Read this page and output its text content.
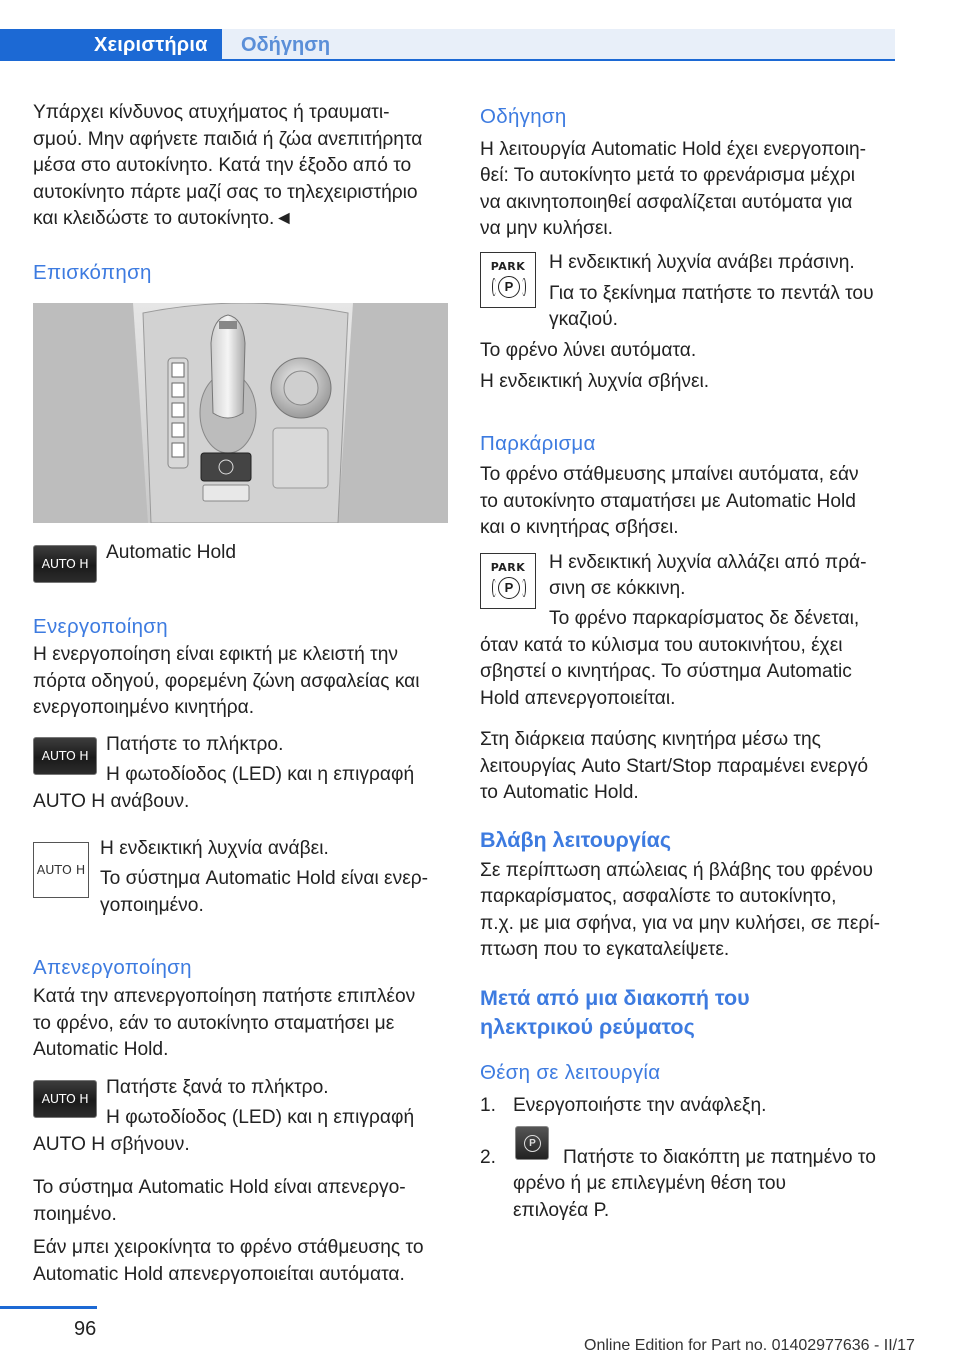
Χειριστήρια	Οδήγηση
Υπάρχει κίνδυνος ατυχήματος ή τραυματι‐
σμού. Μην αφήνετε παιδιά ή ζώα ανεπιτήρητα
μέσα στο αυτοκίνητο. Κατά την έξοδο από το
αυτοκίνητο πάρτε μαζί σας το τηλεχειριστήριο
και κλειδώστε το αυτοκίνητο.◄
Επισκόπηση
AUTO H
Automatic Hold
Ενεργοποίηση
Η ενεργοποίηση είναι εφικτή με κλειστή την
πόρτα οδηγού, φορεμένη ζώνη ασφαλείας και
ενεργοποιημένο κινητήρα.
AUTO H
Πατήστε το πλήκτρο.
Η φωτοδίοδος (LED) και η επιγραφή
AUTO H ανάβουν.
AUTO H
Η ενδεικτική λυχνία ανάβει.
Το σύστημα Automatic Hold είναι ενερ‐
γοποιημένο.
Απενεργοποίηση
Κατά την απενεργοποίηση πατήστε επιπλέον
το φρένο, εάν το αυτοκίνητο σταματήσει με
Automatic Hold.
AUTO H
Πατήστε ξανά το πλήκτρο.
Η φωτοδίοδος (LED) και η επιγραφή
AUTO H σβήνουν.
Το σύστημα Automatic Hold είναι απενεργο‐
ποιημένο.
Εάν μπει χειροκίνητα το φρένο στάθμευσης το
Automatic Hold απενεργοποιείται αυτόματα.
Οδήγηση
Η λειτουργία Automatic Hold έχει ενεργοποιη‐
θεί: Το αυτοκίνητο μετά το φρενάρισμα μέχρι
να ακινητοποιηθεί ασφαλίζεται αυτόματα για
να μην κυλήσει.
PARK
P
Η ενδεικτική λυχνία ανάβει πράσινη.
Για το ξεκίνημα πατήστε το πεντάλ του
γκαζιού.
Το φρένο λύνει αυτόματα.
Η ενδεικτική λυχνία σβήνει.
Παρκάρισμα
Το φρένο στάθμευσης μπαίνει αυτόματα, εάν
το αυτοκίνητο σταματήσει με Automatic Hold
και ο κινητήρας σβήσει.
PARK
P
Η ενδεικτική λυχνία αλλάζει από πρά‐
σινη σε κόκκινη.
Το φρένο παρκαρίσματος δε δένεται,
όταν κατά το κύλισμα του αυτοκινήτου, έχει
σβηστεί ο κινητήρας. Το σύστημα Automatic
Hold απενεργοποιείται.
Στη διάρκεια παύσης κινητήρα μέσω της
λειτουργίας Auto Start/Stop παραμένει ενεργό
το Automatic Hold.
Βλάβη λειτουργίας
Σε περίπτωση απώλειας ή βλάβης του φρένου
παρκαρίσματος, ασφαλίστε το αυτοκίνητο,
π.χ. με μια σφήνα, για να μην κυλήσει, σε περί‐
πτωση που το εγκαταλείψετε.
Μετά από μια διακοπή του
ηλεκτρικού ρεύματος
Θέση σε λειτουργία
1. Ενεργοποιήστε την ανάφλεξη.
2.
P
Πατήστε το διακόπτη με πατημένο το
φρένο ή με επιλεγμένη θέση του
επιλογέα P.
96
Online Edition for Part no. 01402977636 - II/17
